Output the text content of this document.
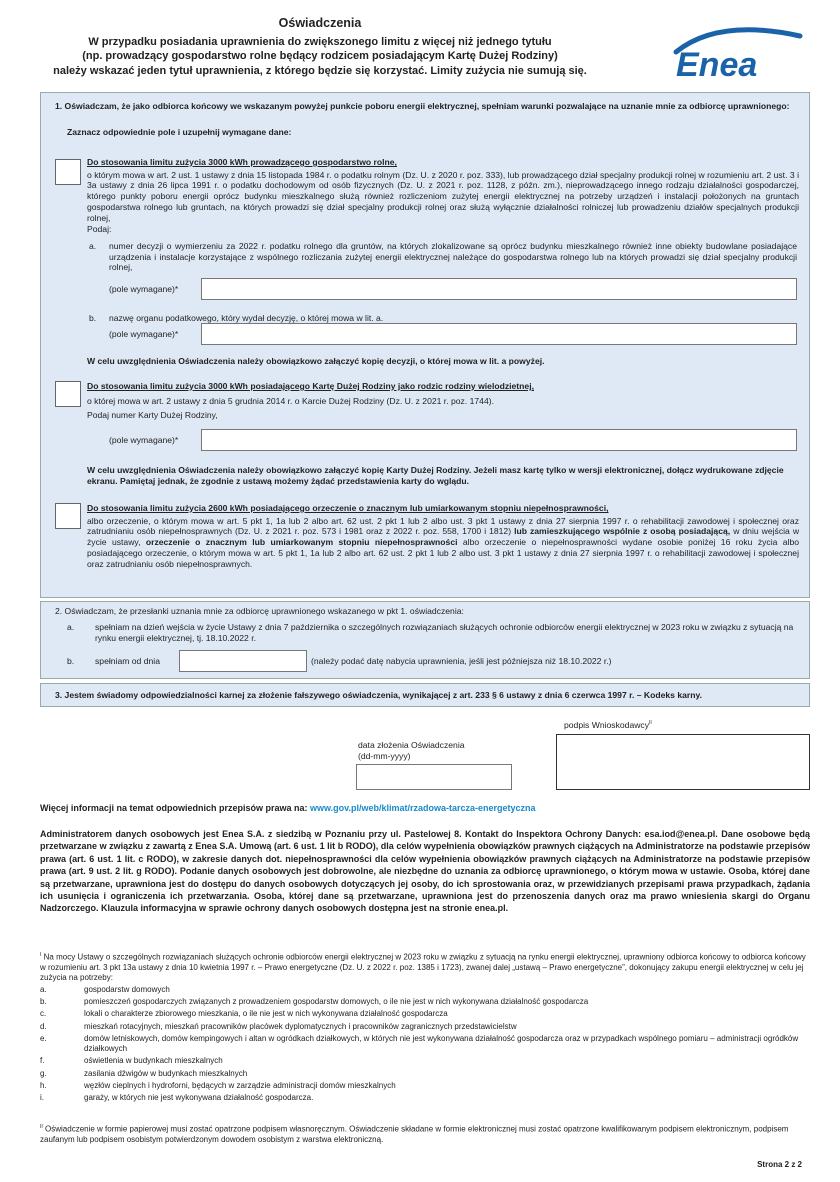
Oświadczenia
W przypadku posiadania uprawnienia do zwiększonego limitu z więcej niż jednego tytułu
(np. prowadzący gospodarstwo rolne będący rodzicem posiadającym Kartę Dużej Rodziny)
należy wskazać jeden tytuł uprawnienia, z którego będzie się korzystać. Limity zużycia nie sumują się.	Enea
1. Oświadczam, że jako odbiorca końcowy we wskazanym powyżej punkcie poboru energii elektrycznej, spełniam warunki pozwalające na uznanie mnie za odbiorcę uprawnionego:
Zaznacz odpowiednie pole i uzupełnij wymagane dane:
Do stosowania limitu zużycia 3000 kWh prowadzącego gospodarstwo rolne,
o którym mowa w art. 2 ust. 1 ustawy z dnia 15 listopada 1984 r. o podatku rolnym (Dz. U. z 2020 r. poz. 333), lub prowadzącego dział specjalny produkcji rolnej w rozumieniu art. 2 ust. 3 i 3a ustawy z dnia 26 lipca 1991 r. o podatku dochodowym od osób fizycznych (Dz. U. z 2021 r. poz. 1128, z późn. zm.), nieprowadzącego innego rodzaju działalności gospodarczej, którego punkty poboru energii oprócz budynku mieszkalnego służą również rozliczeniom zużytej energii elektrycznej na potrzeby urządzeń i instalacji położonych na gruntach gospodarstwa rolnego lub gruntach, na których prowadzi się dział specjalny produkcji rolnej oraz służą wyłącznie działalności rolniczej lub prowadzeniu działów specjalnych produkcji rolnej,
Podaj:
a. numer decyzji o wymierzeniu za 2022 r. podatku rolnego dla gruntów, na których zlokalizowane są oprócz budynku mieszkalnego również inne obiekty budowlane posiadające urządzenia i instalacje korzystające z wspólnego rozliczania zużytej energii elektrycznej należące do gospodarstwa rolnego lub na których prowadzi się dział specjalny produkcji rolnej,
(pole wymagane)*
b. nazwę organu podatkowego, który wydał decyzję, o której mowa w lit. a.
(pole wymagane)*
W celu uwzględnienia Oświadczenia należy obowiązkowo załączyć kopię decyzji, o której mowa w lit. a powyżej.
Do stosowania limitu zużycia 3000 kWh posiadającego Kartę Dużej Rodziny jako rodzic rodziny wielodzietnej,
o której mowa w art. 2 ustawy z dnia 5 grudnia 2014 r. o Karcie Dużej Rodziny (Dz. U. z 2021 r. poz. 1744).
Podaj numer Karty Dużej Rodziny,
(pole wymagane)*
W celu uwzględnienia Oświadczenia należy obowiązkowo załączyć kopię Karty Dużej Rodziny. Jeżeli masz kartę tylko w wersji elektronicznej, dołącz wydrukowane zdjęcie ekranu. Pamiętaj jednak, że zgodnie z ustawą możemy żądać przedstawienia karty do wglądu.
Do stosowania limitu zużycia 2600 kWh posiadającego orzeczenie o znacznym lub umiarkowanym stopniu niepełnosprawności,
albo orzeczenie, o którym mowa w art. 5 pkt 1, 1a lub 2 albo art. 62 ust. 2 pkt 1 lub 2 albo ust. 3 pkt 1 ustawy z dnia 27 sierpnia 1997 r. o rehabilitacji zawodowej i społecznej oraz zatrudnianiu osób niepełnosprawnych (Dz. U. z 2021 r. poz. 573 i 1981 oraz z 2022 r. poz. 558, 1700 i 1812) lub zamieszkującego wspólnie z osobą posiadającą, w dniu wejścia w życie ustawy, orzeczenie o znacznym lub umiarkowanym stopniu niepełnosprawności albo orzeczenie o niepełnosprawności wydane osobie poniżej 16 roku życia albo posiadającego orzeczenie, o którym mowa w art. 5 pkt 1, 1a lub 2 albo art. 62 ust. 2 pkt 1 lub 2 albo ust. 3 pkt 1 ustawy z dnia 27 sierpnia 1997 r. o rehabilitacji zawodowej i społecznej oraz zatrudnianiu osób niepełnosprawnych.
2. Oświadczam, że przesłanki uznania mnie za odbiorcę uprawnionego wskazanego w pkt 1. oświadczenia:
a. spełniam na dzień wejścia w życie Ustawy z dnia 7 października o szczególnych rozwiązaniach służących ochronie odbiorców energii elektrycznej w 2023 roku w związku z sytuacją na rynku energii elektrycznej, tj. 18.10.2022 r.
b. spełniam od dnia	(należy podać datę nabycia uprawnienia, jeśli jest późniejsza niż 18.10.2022 r.)
3. Jestem świadomy odpowiedzialności karnej za złożenie fałszywego oświadczenia, wynikającej z art. 233 § 6 ustawy z dnia 6 czerwca 1997 r. – Kodeks karny.
data złożenia Oświadczenia
(dd-mm-yyyy)
podpis Wnioskodawcy$^{II}$
Więcej informacji na temat odpowiednich przepisów prawa na: www.gov.pl/web/klimat/rzadowa-tarcza-energetyczna
Administratorem danych osobowych jest Enea S.A. z siedzibą w Poznaniu przy ul. Pastelowej 8. Kontakt do Inspektora Ochrony Danych: esa.iod@enea.pl. Dane osobowe będą przetwarzane w związku z zawartą z Enea S.A. Umową (art. 6 ust. 1 lit b RODO), dla celów wypełnienia obowiązków prawnych ciążących na Administratorze na podstawie przepisów prawa (art. 6 ust. 1 lit. c RODO), w zakresie danych dot. niepełnosprawności dla celów wypełnienia obowiązków prawnych ciążących na Administratorze na podstawie przepisów prawa (art. 9 ust. 2 lit. g RODO). Podanie danych osobowych jest dobrowolne, ale niezbędne do uznania za odbiorcę uprawnionego, o którym mowa w ustawie. Osoba, której dane są przetwarzane, uprawniona jest do dostępu do danych osobowych dotyczących jej osoby, do ich sprostowania oraz, w przewidzianych przepisami prawa przypadkach, żądania ich usunięcia i ograniczenia ich przetwarzania. Osoba, której dane są przetwarzane, uprawniona jest do przenoszenia danych oraz ma prawo wniesienia skargi do Organu Nadzorczego. Klauzula informacyjna w sprawie ochrony danych osobowych dostępna jest na stronie enea.pl.
$^I$ Na mocy Ustawy o szczególnych rozwiązaniach służących ochronie odbiorców energii elektrycznej w 2023 roku w związku z sytuacją na rynku energii elektrycznej, uprawniony odbiorca końcowy to odbiorca końcowy w rozumieniu art. 3 pkt 13a ustawy z dnia 10 kwietnia 1997 r. – Prawo energetyczne (Dz. U. z 2022 r. poz. 1385 i 1723), zwanej dalej „ustawą – Prawo energetyczne”, dokonujący zakupu energii elektrycznej w celu jej zużycia na potrzeby:
a.	gospodarstw domowych
b.	pomieszczeń gospodarczych związanych z prowadzeniem gospodarstw domowych, o ile nie jest w nich wykonywana działalność gospodarcza
c.	lokali o charakterze zbiorowego mieszkania, o ile nie jest w nich wykonywana działalność gospodarcza
d.	mieszkań rotacyjnych, mieszkań pracowników placówek dyplomatycznych i pracowników zagranicznych przedstawicielstw
e.	domów letniskowych, domów kempingowych i altan w ogródkach działkowych, w których nie jest wykonywana działalność gospodarcza oraz w przypadkach wspólnego pomiaru – administracji ogródków działkowych
f.	oświetlenia w budynkach mieszkalnych
g.	zasilania dźwigów w budynkach mieszkalnych
h.	węzłów cieplnych i hydroforni, będących w zarządzie administracji domów mieszkalnych
i.	garaży, w których nie jest wykonywana działalność gospodarcza.
$^{II}$ Oświadczenie w formie papierowej musi zostać opatrzone podpisem własnoręcznym. Oświadczenie składane w formie elektronicznej musi zostać opatrzone kwalifikowanym podpisem elektronicznym, podpisem zaufanym lub podpisem osobistym potwierdzonym dowodem osobistym z warstwa elektroniczną.
Strona 2 z 2
